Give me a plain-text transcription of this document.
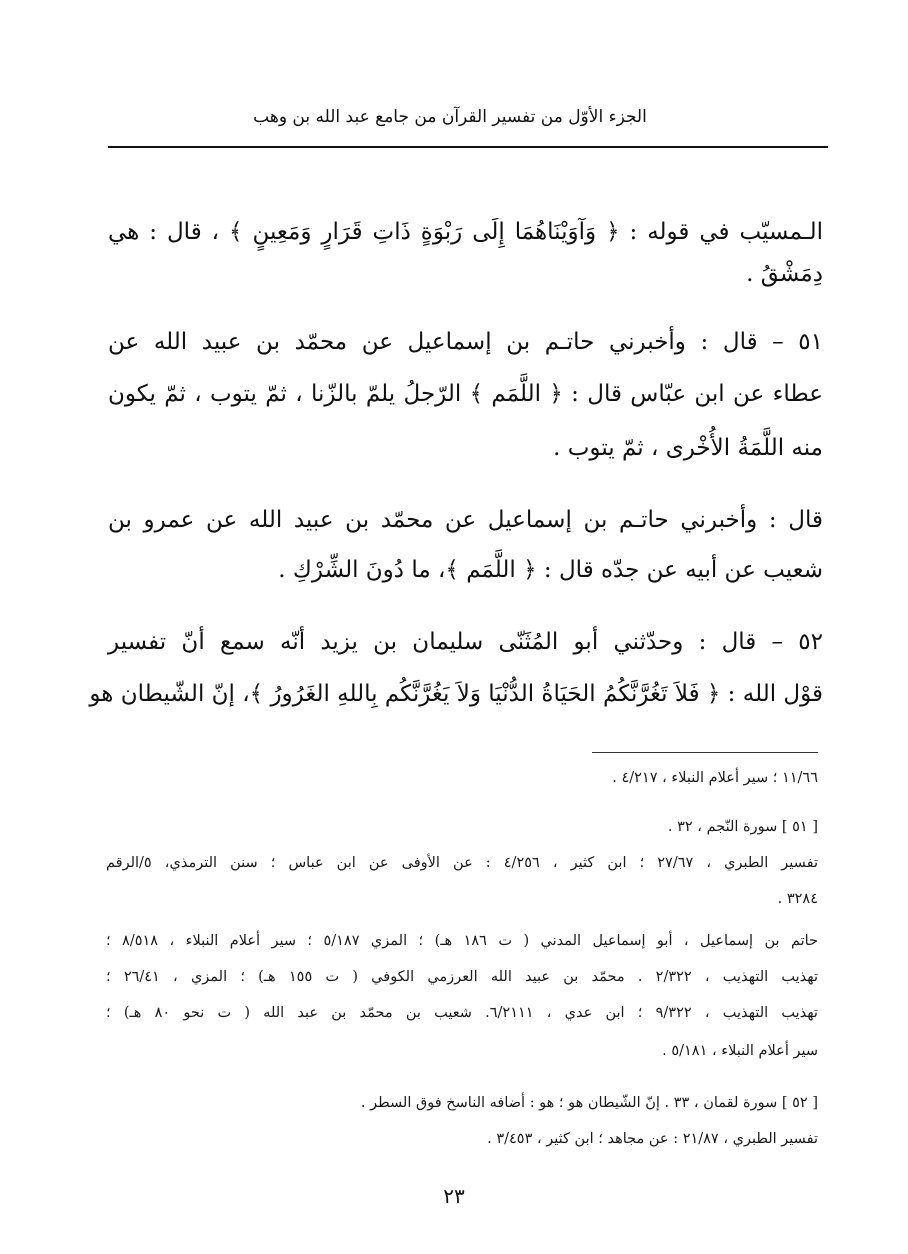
الجزء الأوّل من تفسير القرآن من جامع عبد الله بن وهب
الـمسيّب في قوله : ﴿ وَآوَيْنَاهُمَا إِلَى رَبْوَةٍ ذَاتِ قَرَارٍ وَمَعِينٍ ﴾ ، قال : هي
دِمَشْقُ .
٥١ – قال : وأخبرني حاتـم بن إسماعيل عن محمّد بن عبيد الله عن
عطاء عن ابن عبّاس قال : ﴿ اللَّمَم ﴾ الرّجلُ يلمّ بالزّنا ، ثمّ يتوب ، ثمّ يكون
منه اللَّمَةُ الأُخْرى ، ثمّ يتوب .
قال : وأخبرني حاتـم بن إسماعيل عن محمّد بن عبيد الله عن عمرو بن
شعيب عن أبيه عن جدّه قال : ﴿ اللَّمَم ﴾، ما دُونَ الشِّرْكِ .
٥٢ – قال : وحدّثني أبو المُثَنّى سليمان بن يزيد أنّه سمع أنّ تفسير
قوْل الله : ﴿ فَلاَ تَغُرَّنَّكُمُ الحَيَاةُ الدُّنْيَا وَلاَ يَغُرَّنَّكُم بِاللهِ الغَرُورُ ﴾، إنّ الشّيطان هو
١١/٦٦ ؛ سير أعلام النبلاء ، ٤/٢١٧ .
[ ٥١ ] سورة النّجم ، ٣٢ .
تفسير الطبري ، ٢٧/٦٧ ؛ ابن كثير ، ٤/٢٥٦ : عن الأوفى عن ابن عباس ؛ سنن الترمذي، ٥/الرقم
٣٢٨٤ .
حاتم بن إسماعيل ، أبو إسماعيل المدني ( ت ١٨٦ هـ) ؛ المزي ٥/١٨٧ ؛ سير أعلام النبلاء ، ٨/٥١٨ ؛
تهذيب التهذيب ، ٢/٣٢٢ . محمّد بن عبيد الله العرزمي الكوفي ( ت ١٥٥ هـ) ؛ المزي ، ٢٦/٤١ ؛
تهذيب التهذيب ، ٩/٣٢٢ ؛ ابن عدي ، ٦/٢١١١. شعيب بن محمّد بن عبد الله ( ت نحو ٨٠ هـ) ؛
سير أعلام النبلاء ، ٥/١٨١ .
[ ٥٢ ] سورة لقمان ، ٣٣ . إنّ الشّيطان هو ؛ هو : أضافه الناسخ فوق السطر .
تفسير الطبري ، ٢١/٨٧ : عن مجاهد ؛ ابن كثير ، ٣/٤٥٣ .
٢٣
